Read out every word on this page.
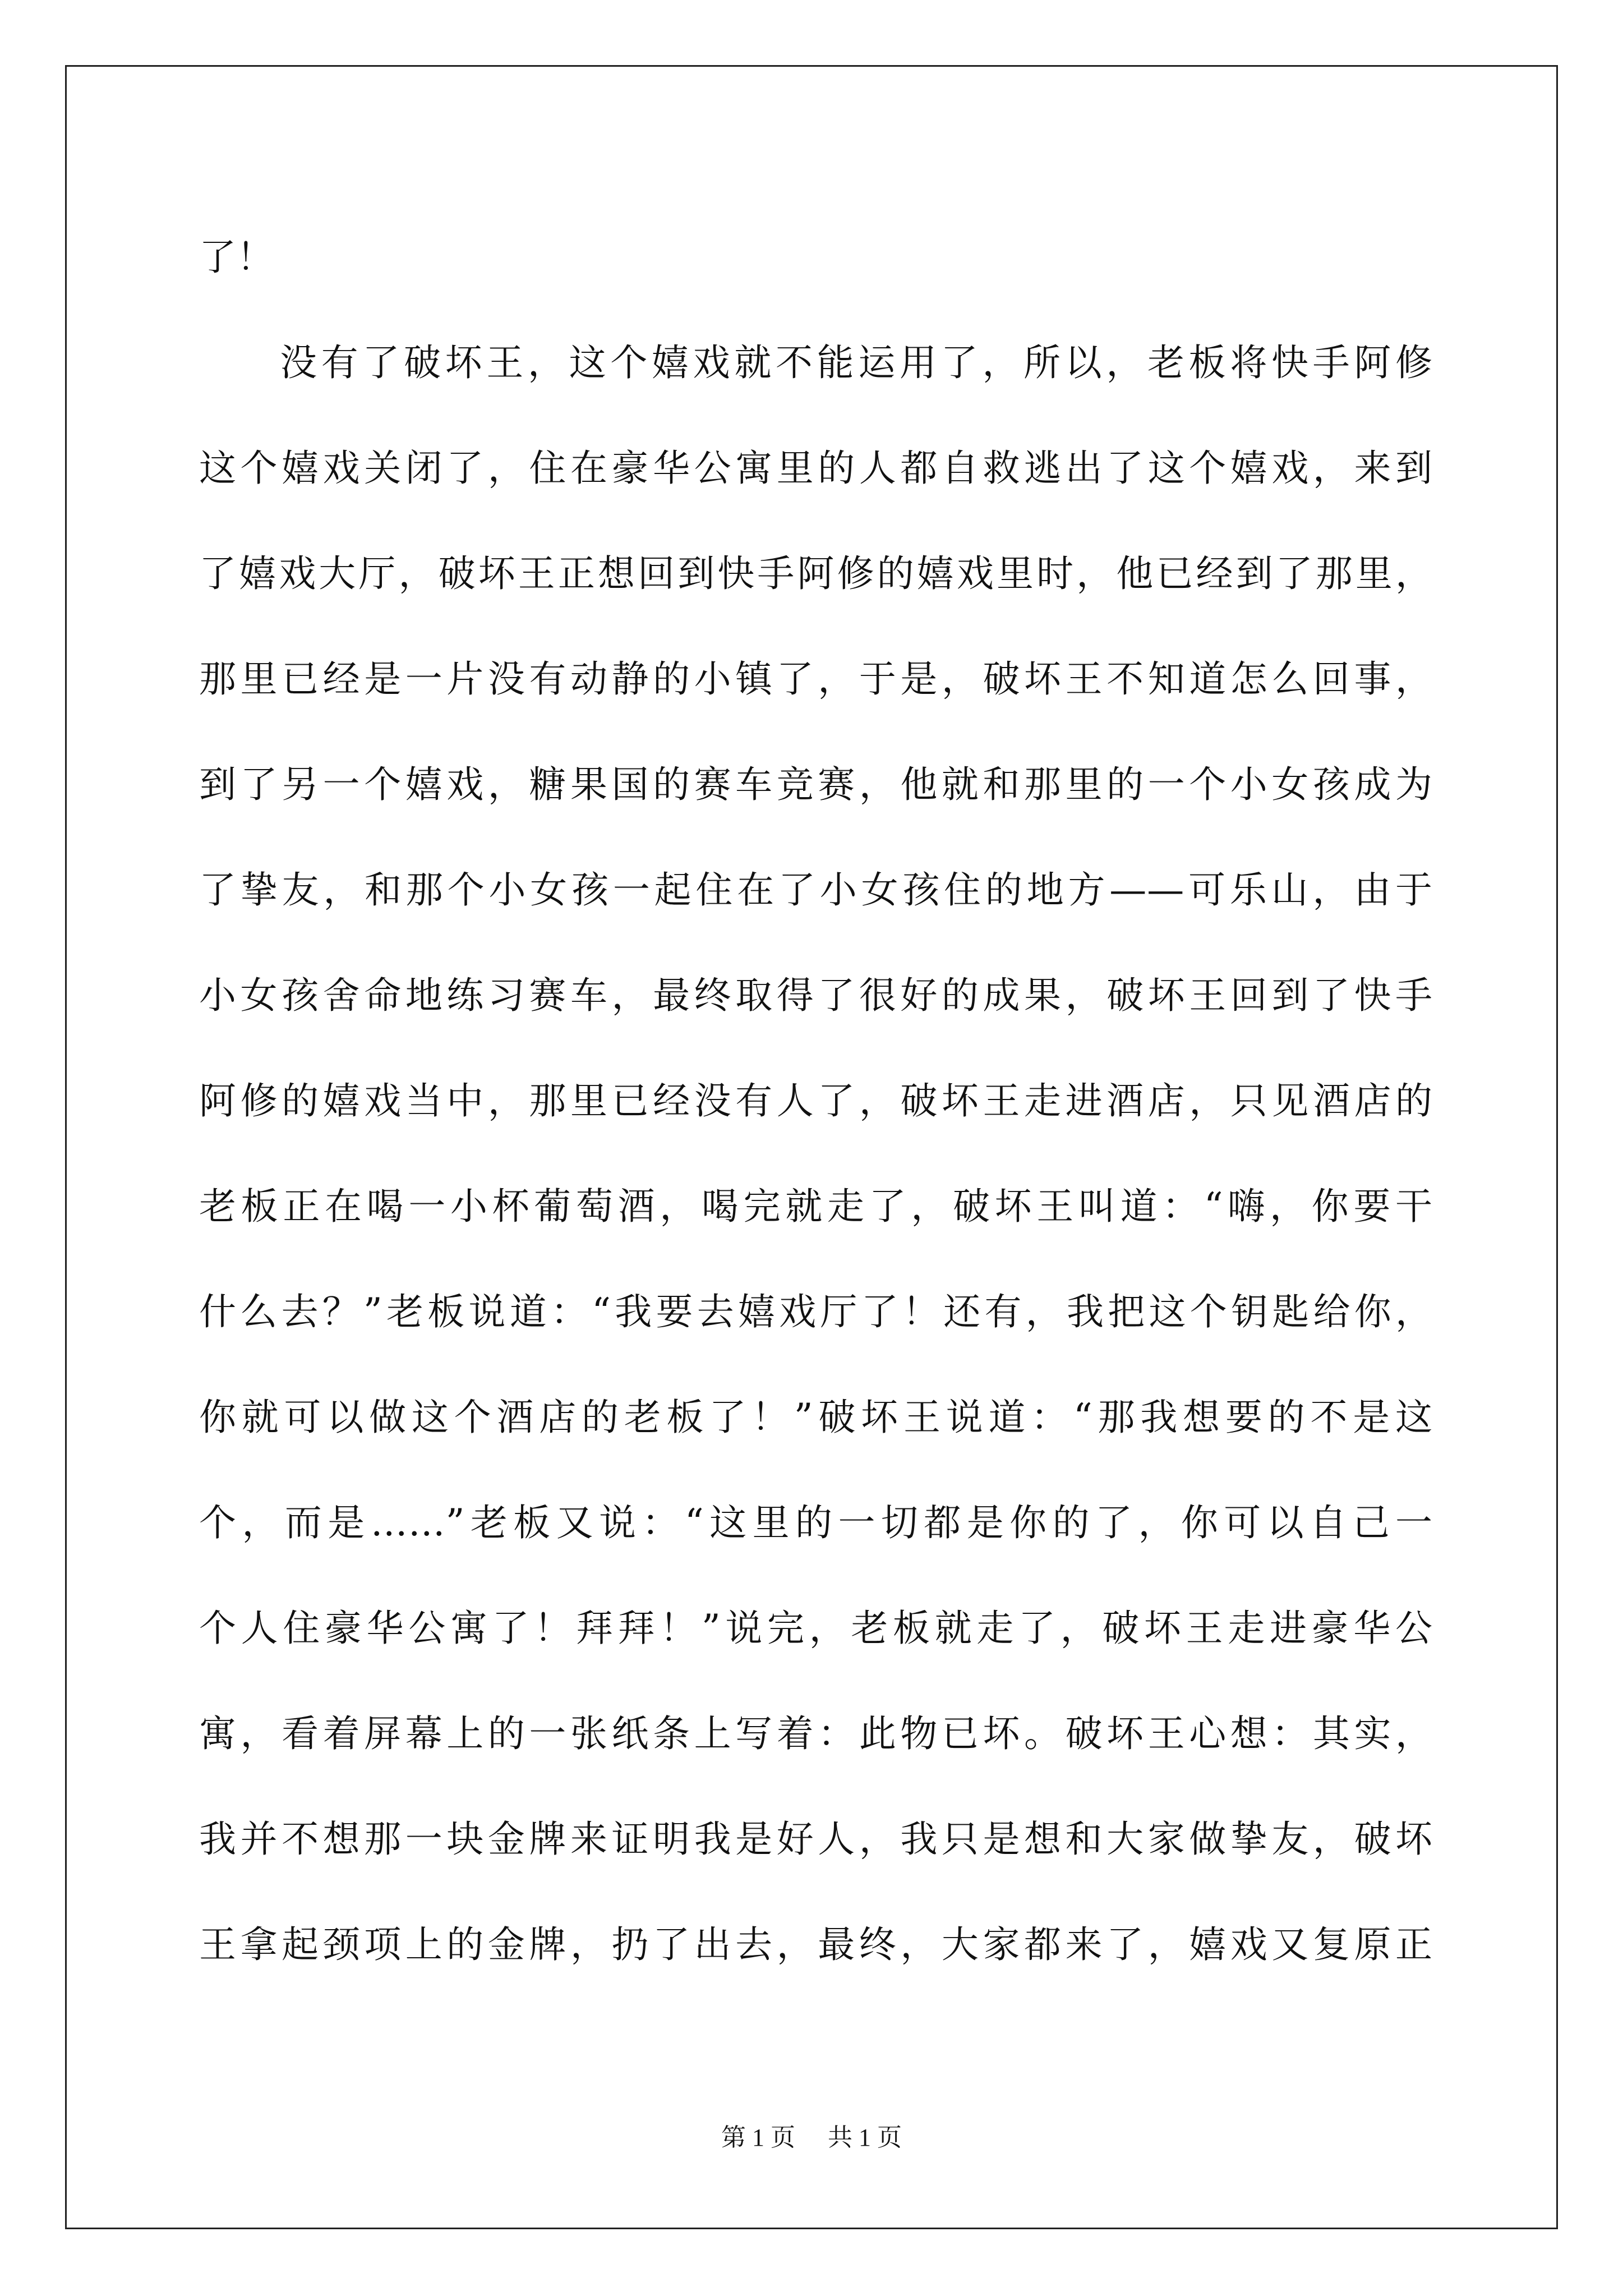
了！
没有了破坏王，这个嬉戏就不能运用了，所以，老板将快手阿修
这个嬉戏关闭了，住在豪华公寓里的人都自救逃出了这个嬉戏，来到
了嬉戏大厅，破坏王正想回到快手阿修的嬉戏里时，他已经到了那里，
那里已经是一片没有动静的小镇了，于是，破坏王不知道怎么回事，
到了另一个嬉戏，糖果国的赛车竞赛，他就和那里的一个小女孩成为
了挚友，和那个小女孩一起住在了小女孩住的地方——可乐山，由于
小女孩舍命地练习赛车，最终取得了很好的成果，破坏王回到了快手
阿修的嬉戏当中，那里已经没有人了，破坏王走进酒店，只见酒店的
老板正在喝一小杯葡萄酒，喝完就走了，破坏王叫道：“嗨，你要干
什么去？”老板说道：“我要去嬉戏厅了！还有，我把这个钥匙给你，
你就可以做这个酒店的老板了！”破坏王说道：“那我想要的不是这
个，而是……”老板又说：“这里的一切都是你的了，你可以自己一
个人住豪华公寓了！拜拜！”说完，老板就走了，破坏王走进豪华公
寓，看着屏幕上的一张纸条上写着：此物已坏。破坏王心想：其实，
我并不想那一块金牌来证明我是好人，我只是想和大家做挚友，破坏
王拿起颈项上的金牌，扔了出去，最终，大家都来了，嬉戏又复原正
第 1 页 共 1 页
